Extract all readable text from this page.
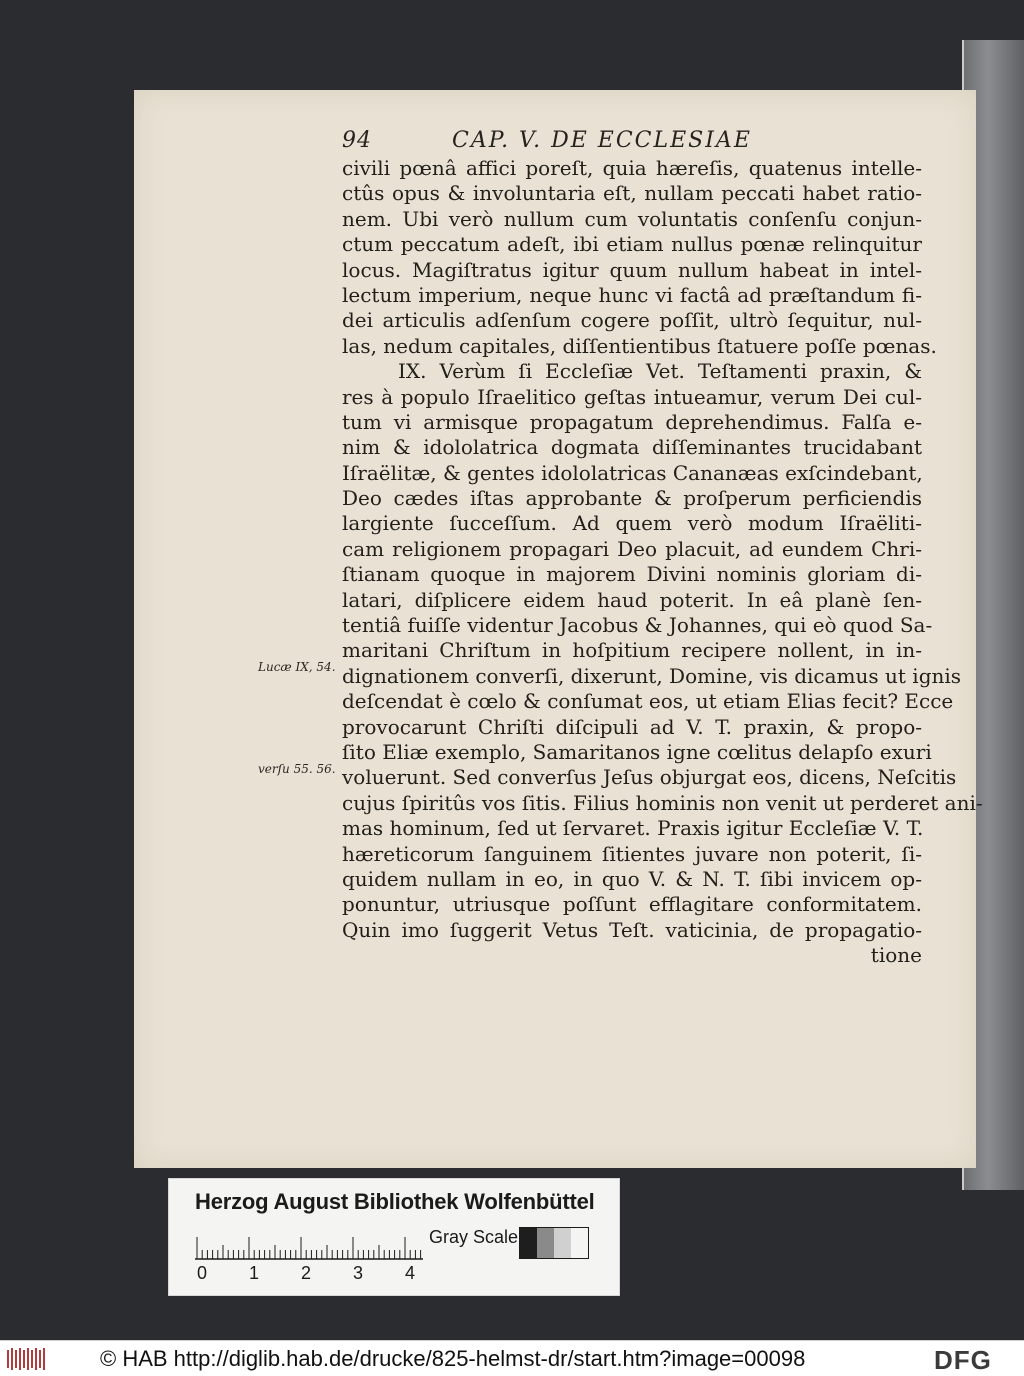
94	CAP. V. DE ECCLESIAE
civili pœnâ affici poreſt, quia hæreſis, quatenus intelle-
ctûs opus & involuntaria eſt, nullam peccati habet ratio-
nem. Ubi verò nullum cum voluntatis conſenſu conjun-
ctum peccatum adeſt, ibi etiam nullus pœnæ relinquitur
locus. Magiſtratus igitur quum nullum habeat in intel-
lectum imperium, neque hunc vi factâ ad præſtandum fi-
dei articulis adſenſum cogere poſſit, ultrò ſequitur, nul-
las, nedum capitales, diſſentientibus ſtatuere poſſe pœnas.
IX. Verùm ſi Eccleſiæ Vet. Teſtamenti praxin, &
res à populo Iſraelitico geſtas intueamur, verum Dei cul-
tum vi armisque propagatum deprehendimus. Falſa e-
nim & idololatrica dogmata diſſeminantes trucidabant
Iſraëlitæ, & gentes idololatricas Cananæas exſcindebant,
Deo cædes iſtas approbante & proſperum perficiendis
largiente ſucceſſum. Ad quem verò modum Iſraëliti-
cam religionem propagari Deo placuit, ad eundem Chri-
ſtianam quoque in majorem Divini nominis gloriam di-
latari, diſplicere eidem haud poterit. In eâ planè ſen-
tentiâ fuiſſe videntur Jacobus & Johannes, qui eò quod Sa-
maritani Chriſtum in hoſpitium recipere nollent, in in-
dignationem converſi, dixerunt, Domine, vis dicamus ut ignis
deſcendat è cœlo & conſumat eos, ut etiam Elias fecit? Ecce
provocarunt Chriſti diſcipuli ad V. T. praxin, & propo-
ſito Eliæ exemplo, Samaritanos igne cœlitus delapſo exuri
voluerunt. Sed converſus Jeſus objurgat eos, dicens, Neſcitis
cujus ſpiritûs vos ſitis. Filius hominis non venit ut perderet ani-
mas hominum, ſed ut ſervaret. Praxis igitur Eccleſiæ V. T.
hæreticorum ſanguinem ſitientes juvare non poterit, ſi-
quidem nullam in eo, in quo V. & N. T. ſibi invicem op-
ponuntur, utriusque poſſunt efflagitare conformitatem.
Quin imo ſuggerit Vetus Teſt. vaticinia, de propagatio-
tione
Lucæ IX, 54.
verſu 55. 56.
Herzog August Bibliothek Wolfenbüttel
0 1 2 3 4
Gray Scale
© HAB http://diglib.hab.de/drucke/825-helmst-dr/start.htm?image=00098	DFG
